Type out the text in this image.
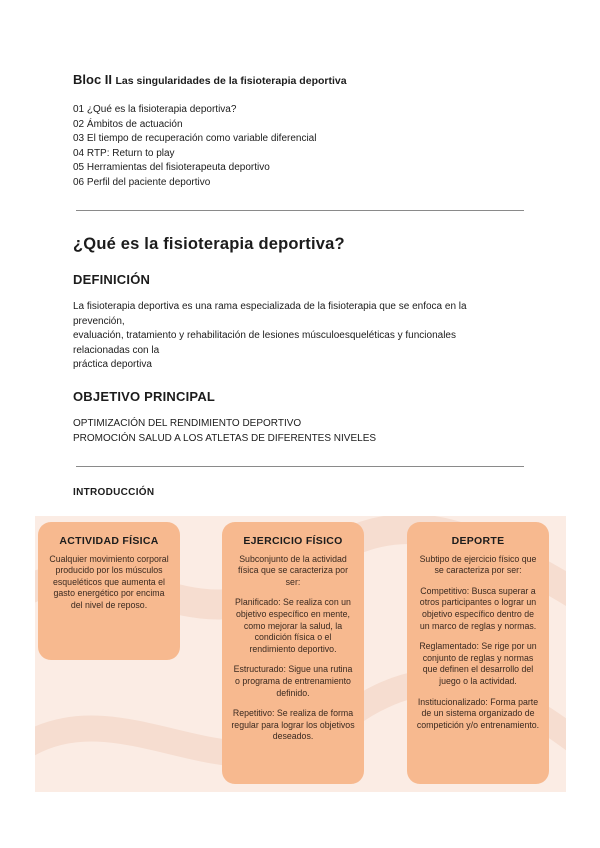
Bloc II Las singularidades de la fisioterapia deportiva
01 ¿Qué es la fisioterapia deportiva?
02 Ámbitos de actuación
03 El tiempo de recuperación como variable diferencial
04 RTP: Return to play
05 Herramientas del fisioterapeuta deportivo
06 Perfil del paciente deportivo
¿Qué es la fisioterapia deportiva?
DEFINICIÓN
La fisioterapia deportiva es una rama especializada de la fisioterapia que se enfoca en la
prevención,
evaluación, tratamiento y rehabilitación de lesiones músculoesqueléticas y funcionales
relacionadas con la
práctica deportiva
OBJETIVO PRINCIPAL
OPTIMIZACIÓN DEL RENDIMIENTO DEPORTIVO
PROMOCIÓN SALUD A LOS ATLETAS DE DIFERENTES NIVELES
INTRODUCCIÓN
ACTIVIDAD FÍSICA

Cualquier movimiento corporal producido por los músculos esqueléticos que aumenta el gasto energético por encima del nivel de reposo.

EJERCICIO FÍSICO

Subconjunto de la actividad física que se caracteriza por ser:

Planificado: Se realiza con un objetivo específico en mente, como mejorar la salud, la condición física o el rendimiento deportivo.

Estructurado: Sigue una rutina o programa de entrenamiento definido.

Repetitivo: Se realiza de forma regular para lograr los objetivos deseados.

DEPORTE

Subtipo de ejercicio físico que se caracteriza por ser:

Competitivo: Busca superar a otros participantes o lograr un objetivo específico dentro de un marco de reglas y normas.

Reglamentado: Se rige por un conjunto de reglas y normas que definen el desarrollo del juego o la actividad.

Institucionalizado: Forma parte de un sistema organizado de competición y/o entrenamiento.
